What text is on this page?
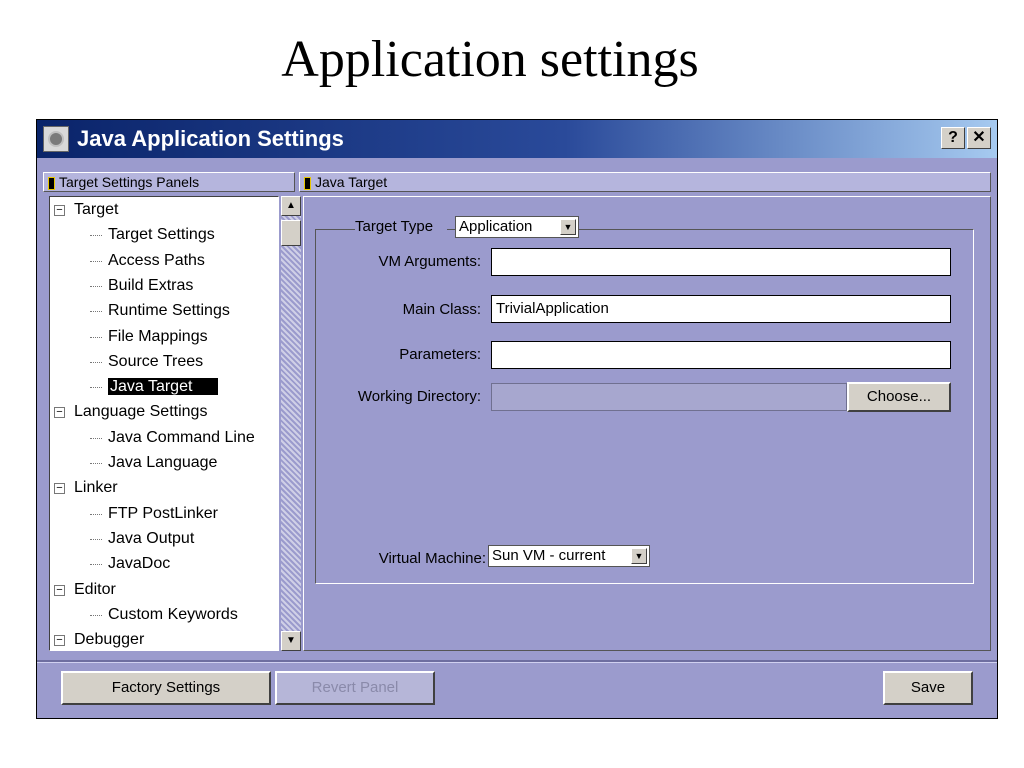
Application settings
Java Application Settings	? ✕
Target Settings Panels
Target
−
Target Settings
Access Paths
Build Extras
Runtime Settings
File Mappings
Source Trees
Java Target
Language Settings
−
Java Command Line
Java Language
Linker
−
FTP PostLinker
Java Output
JavaDoc
Editor
−
Custom Keywords
Debugger
−
▲
▼
Java Target
Target Type	Application	▼
VM Arguments:
Main Class:	TrivialApplication
Parameters:
Working Directory:	Choose...
Virtual Machine: Sun VM - current	▼
Factory Settings	Revert Panel	Save
